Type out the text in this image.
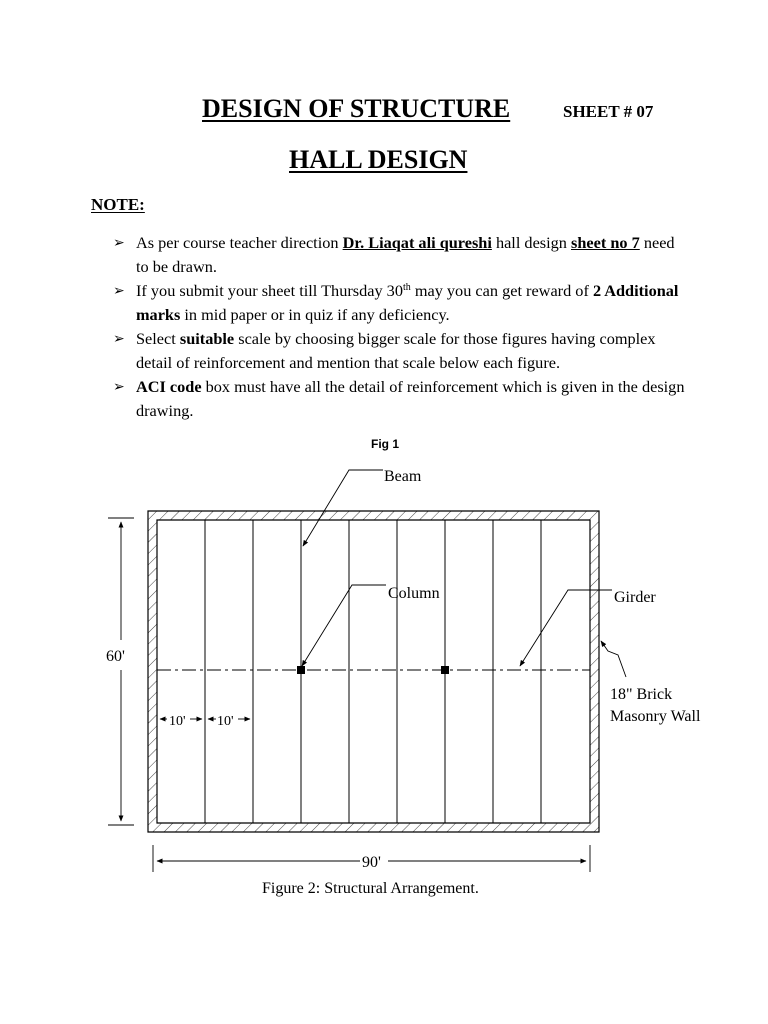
DESIGN OF STRUCTURE	SHEET # 07
HALL DESIGN
NOTE:

➢ As per course teacher direction Dr. Liaqat ali qureshi hall design sheet no 7 need to be drawn.

➢ If you submit your sheet till Thursday 30th may you can get reward of 2 Additional marks in mid paper or in quiz if any deficiency.

➢ Select suitable scale by choosing bigger scale for those figures having complex detail of reinforcement and mention that scale below each figure.

➢ ACI code box must have all the detail of reinforcement which is given in the design drawing.

Fig 1
Beam
Column	Girder
18" Brick
Masonry Wall
60'
10' 10'
90'
Figure 2: Structural Arrangement.
